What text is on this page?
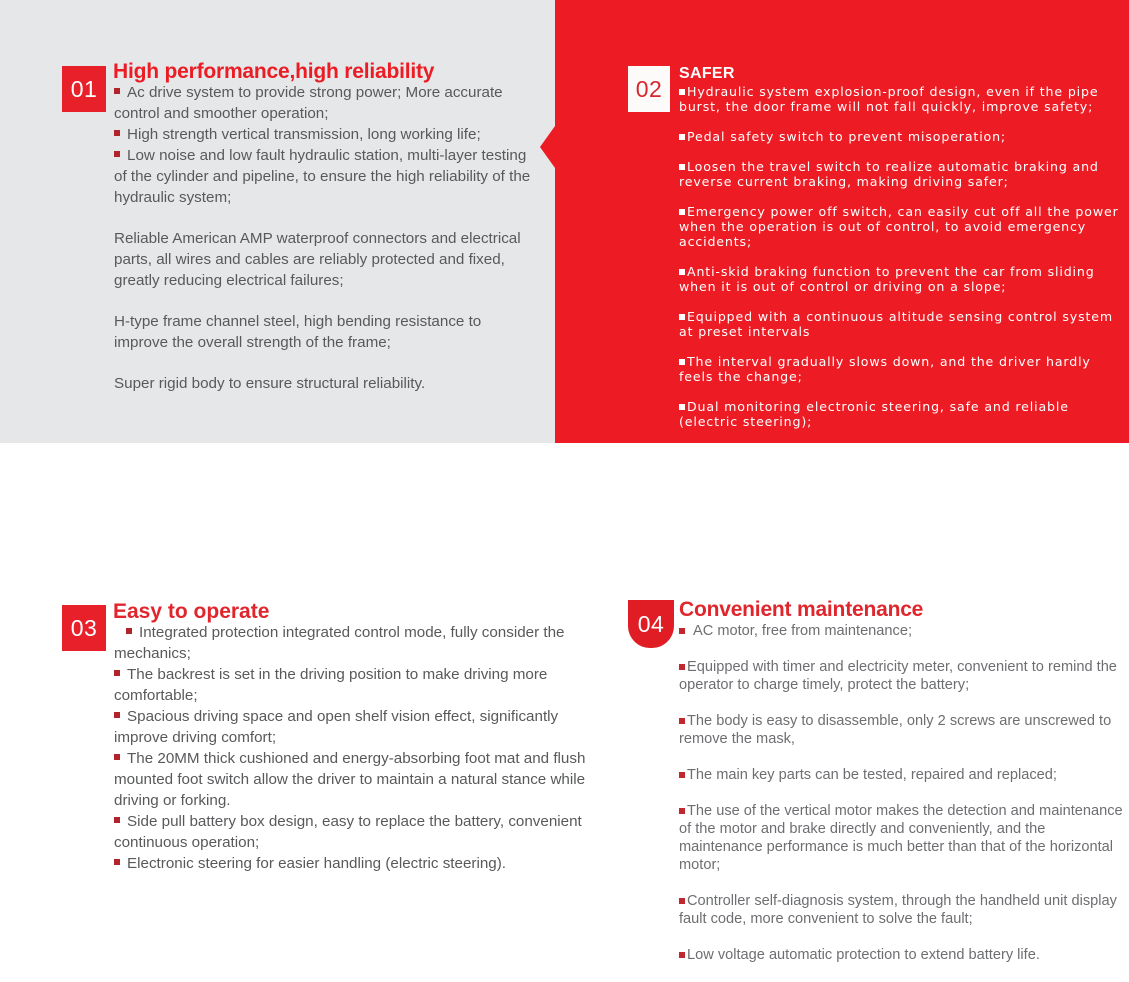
01
High performance,high reliability

Ac drive system to provide strong power; More accurate control and smoother operation;

High strength vertical transmission, long working life;

Low noise and low fault hydraulic station, multi-layer testing of the cylinder and pipeline, to ensure the high reliability of the hydraulic system;

Reliable American AMP waterproof connectors and electrical parts, all wires and cables are reliably protected and fixed, greatly reducing electrical failures;

H-type frame channel steel, high bending resistance to improve the overall strength of the frame;

Super rigid body to ensure structural reliability.

02
SAFER

Hydraulic system explosion-proof design, even if the pipe burst, the door frame will not fall quickly, improve safety;

Pedal safety switch to prevent misoperation;

Loosen the travel switch to realize automatic braking and reverse current braking, making driving safer;

Emergency power off switch, can easily cut off all the power when the operation is out of control, to avoid emergency accidents;

Anti-skid braking function to prevent the car from sliding when it is out of control or driving on a slope;

Equipped with a continuous altitude sensing control system at preset intervals

The interval gradually slows down, and the driver hardly feels the change;

Dual monitoring electronic steering, safe and reliable (electric steering);

Automatic deceleration function for safer driving (electric steering).

03
Easy to operate

Integrated protection integrated control mode, fully consider the mechanics;

The backrest is set in the driving position to make driving more comfortable;

Spacious driving space and open shelf vision effect, significantly improve driving comfort;

The 20MM thick cushioned and energy-absorbing foot mat and flush mounted foot switch allow the driver to maintain a natural stance while driving or forking.

Side pull battery box design, easy to replace the battery, convenient continuous operation;

Electronic steering for easier handling (electric steering).

04
Convenient maintenance

AC motor, free from maintenance;

Equipped with timer and electricity meter, convenient to remind the operator to charge timely, protect the battery;

The body is easy to disassemble, only 2 screws are unscrewed to remove the mask,

The main key parts can be tested, repaired and replaced;

The use of the vertical motor makes the detection and maintenance of the motor and brake directly and conveniently, and the maintenance performance is much better than that of the horizontal motor;

Controller self-diagnosis system, through the handheld unit display fault code, more convenient to solve the fault;

Low voltage automatic protection to extend battery life.
